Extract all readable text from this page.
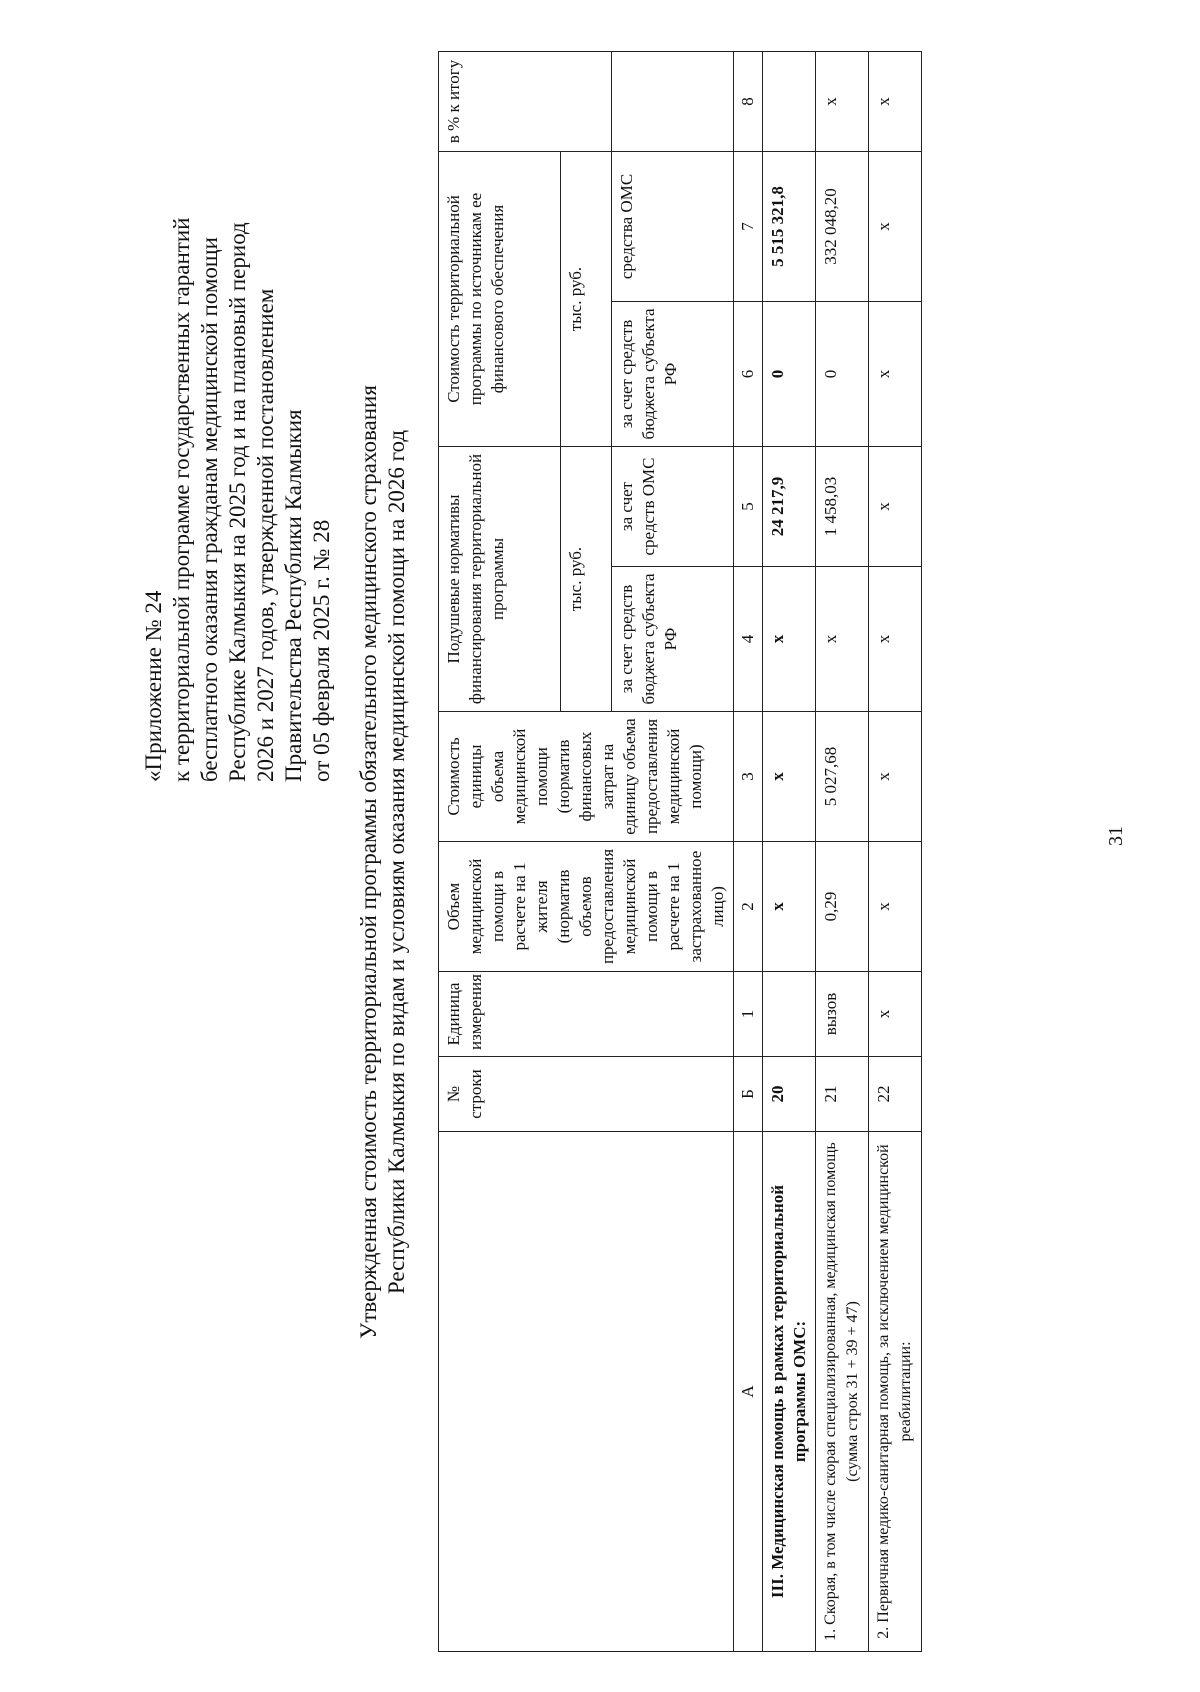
«Приложение № 24 к территориальной программе государственных гарантий бесплатного оказания гражданам медицинской помощи Республике Калмыкия на 2025 год и на плановый период 2026 и 2027 годов, утвержденной постановлением Правительства Республики Калмыкия от 05 февраля 2025 г. № 28 Утвержденная стоимость территориальной программы обязательного медицинского страхования Республики Калмыкия по видам и условиям оказания медицинской помощи на 2026 год
	№ строки	Единица измерения	Объем медицинской помощи в расчете на 1 жителя (норматив объемов предоставления медицинской помощи в расчете на 1 застрахованное лицо)	Стоимость единицы объема медицинской помощи (норматив финансовых затрат на единицу объема предоставления медицинской помощи)	Подушевые нормативы финансирования территориальной программы		Стоимость территориальной программы по источникам ее финансового обеспечения		в % к итогу
					тыс. руб.		тыс. руб.		
					за счет средств бюджета субъекта РФ	за счет средств ОМС	за счет средств бюджета субъекта РФ	средства ОМС	
А	Б	1	2	3	4	5	6	7	8
III. Медицинская помощь в рамках территориальной программы ОМС:	20		х	х	х	24 217,9	0	5 515 321,8	
1. Скорая, в том числе скорая специализированная, медицинская помощь (сумма строк 31 + 39 + 47)	21	вызов	0,29	5 027,68	х	1 458,03	0	332 048,20	х
2. Первичная медико-санитарная помощь, за исключением медицинской реабилитации:	22	х	х	х	х	х	х	х	х
31
